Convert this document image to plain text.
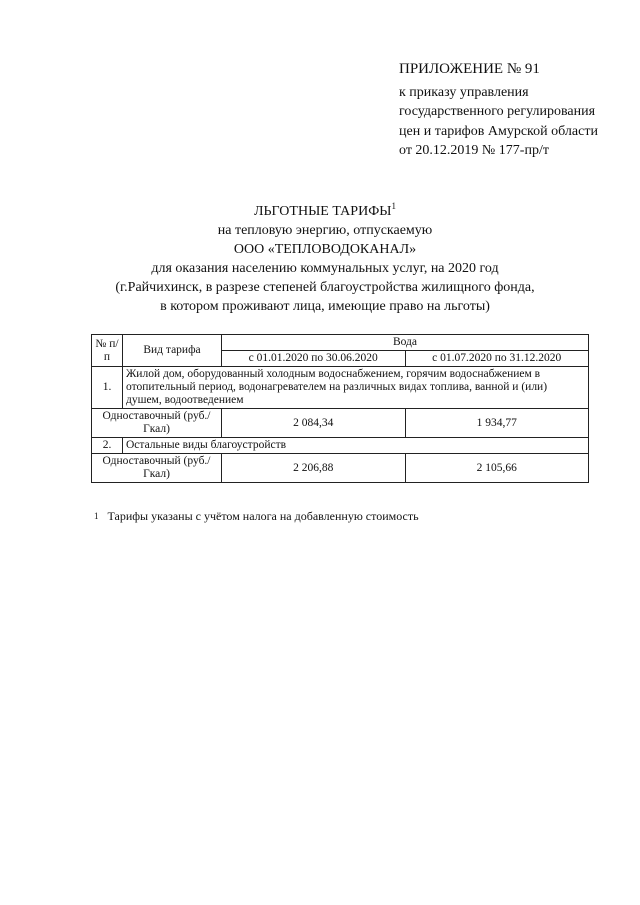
ПРИЛОЖЕНИЕ № 91
к приказу управления
государственного регулирования
цен и тарифов Амурской области
от 20.12.2019 № 177-пр/т
ЛЬГОТНЫЕ ТАРИФЫ$^1$
на тепловую энергию, отпускаемую
ООО «ТЕПЛОВОДОКАНАЛ»
для оказания населению коммунальных услуг, на 2020 год
(г.Райчихинск, в разрезе степеней благоустройства жилищного фонда,
в котором проживают лица, имеющие право на льготы)
№ п/п	Вид тарифа	Вода	
		с 01.01.2020 по 30.06.2020	с 01.07.2020 по 31.12.2020
1.	Жилой дом, оборудованный холодным водоснабжением, горячим водоснабжением в отопительный период, водонагревателем на различных видах топлива, ванной и (или) душем, водоотведением		
Одноставочный (руб./Гкал)		2 084,34	1 934,77
2.	Остальные виды благоустройств		
Одноставочный (руб./Гкал)		2 206,88	2 105,66
1 Тарифы указаны с учётом налога на добавленную стоимость
